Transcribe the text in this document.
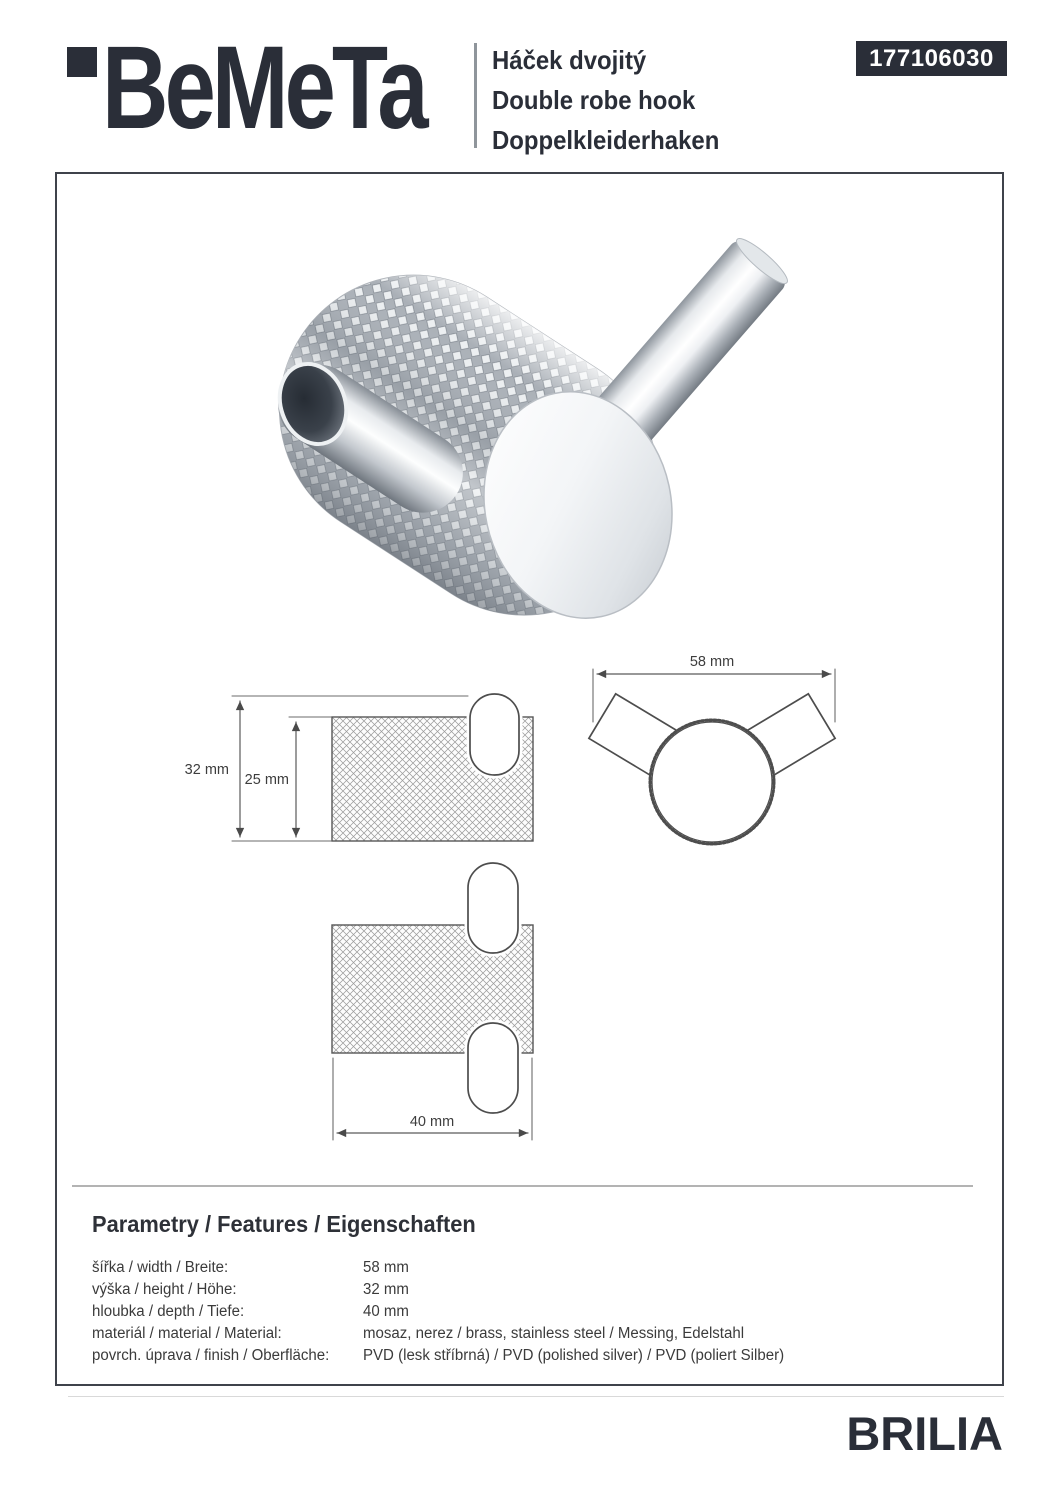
BeMeTa	Háček dvojitý
Double robe hook
Doppelkleiderhaken
177106030
32 mm
25 mm
58 mm
40 mm
Parametry / Features / Eigenschaften
šířka / width / Breite:	58 mm
výška / height / Höhe:	32 mm
hloubka / depth / Tiefe:	40 mm
materiál / material / Material:	mosaz, nerez / brass, stainless steel / Messing, Edelstahl
povrch. úprava / finish / Oberfläche: PVD (lesk stříbrná) / PVD (polished silver) / PVD (poliert Silber)
BRILIA
